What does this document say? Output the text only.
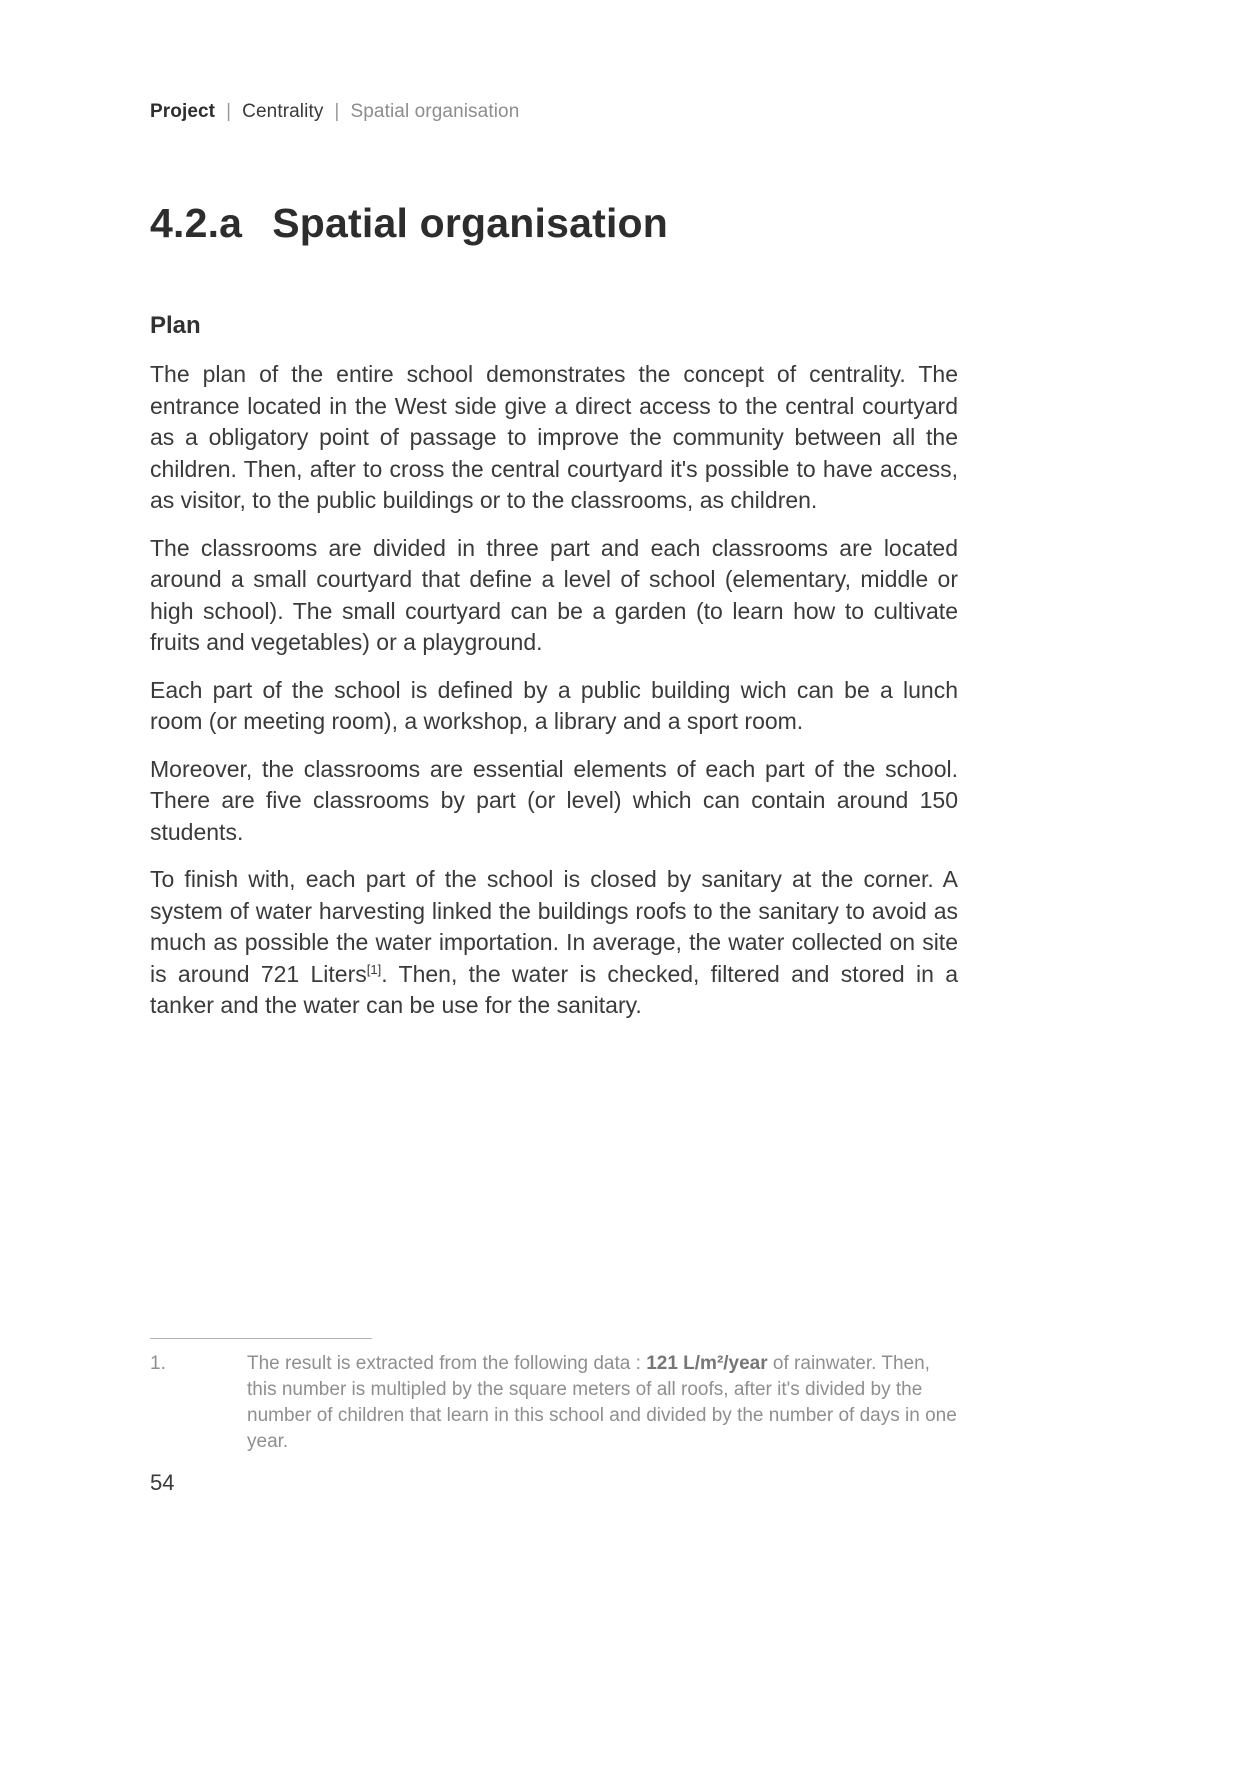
Project | Centrality | Spatial organisation
4.2.a Spatial organisation
Plan

The plan of the entire school demonstrates the concept of centrality. The entrance located in the West side give a direct access to the central courtyard as a obligatory point of passage to improve the community between all the children. Then, after to cross the central courtyard it's possible to have access, as visitor, to the public buildings or to the classrooms, as children.

The classrooms are divided in three part and each classrooms are located around a small courtyard that define a level of school (elementary, middle or high school). The small courtyard can be a garden (to learn how to cultivate fruits and vegetables) or a playground.

Each part of the school is defined by a public building wich can be a lunch room (or meeting room), a workshop, a library and a sport room.

Moreover, the classrooms are essential elements of each part of the school. There are five classrooms by part (or level) which can contain around 150 students.

To finish with, each part of the school is closed by sanitary at the corner. A system of water harvesting linked the buildings roofs to the sanitary to avoid as much as possible the water importation. In average, the water collected on site is around 721 Liters[1]. Then, the water is checked, filtered and stored in a tanker and the water can be use for the sanitary.

1.	The result is extracted from the following data : 121 L/m²/year of rainwater. Then, this number is multipled by the square meters of all roofs, after it's divided by the number of children that learn in this school and divided by the number of days in one year.
54
